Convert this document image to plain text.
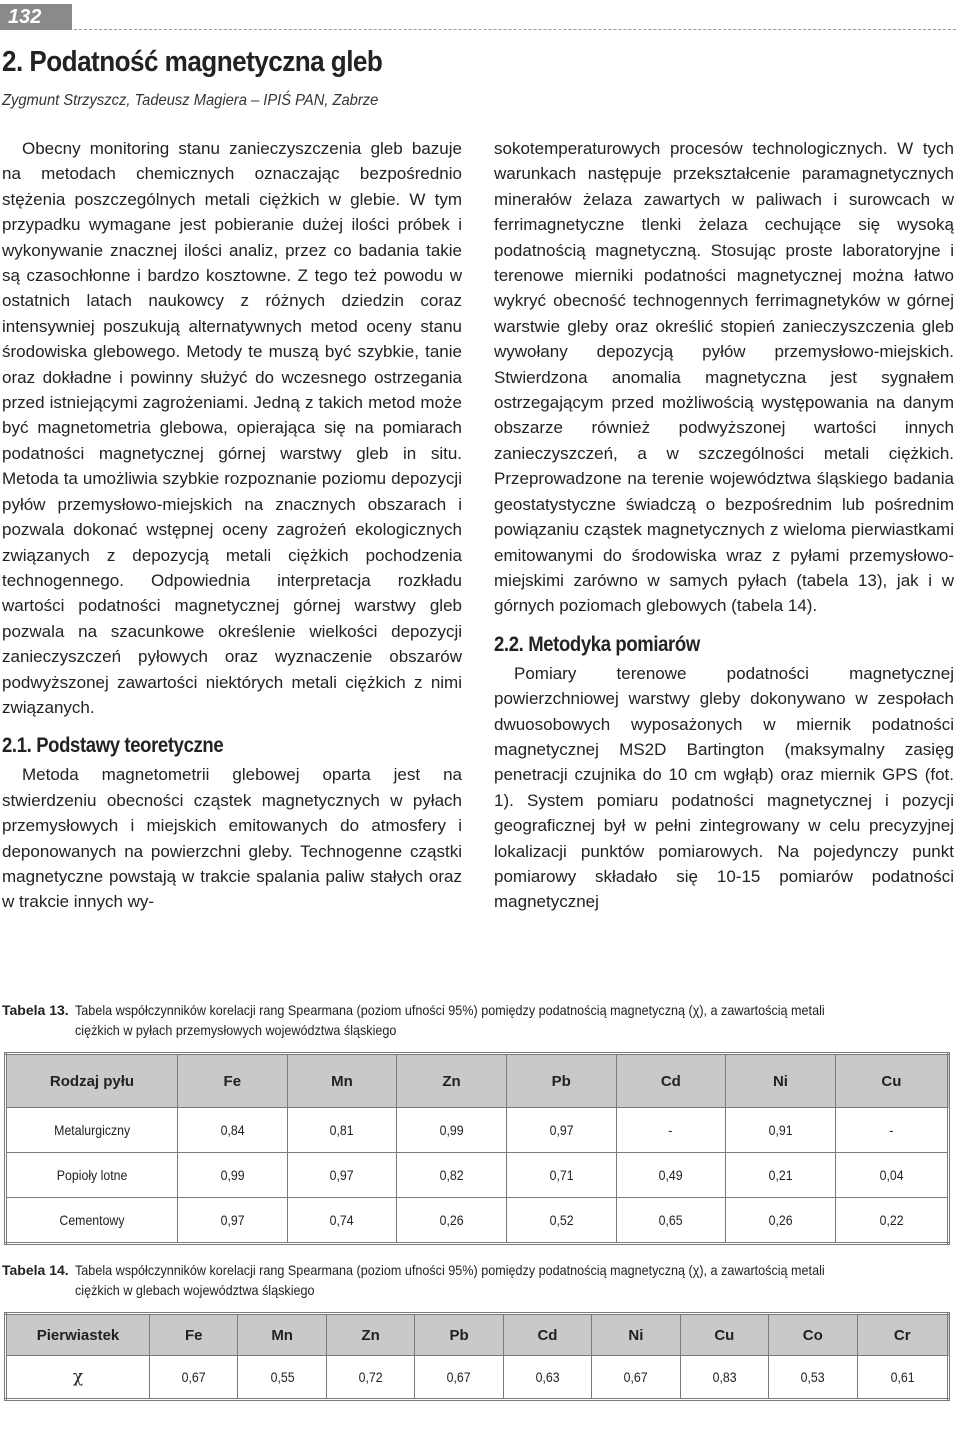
132
2. Podatność magnetyczna gleb
Zygmunt Strzyszcz, Tadeusz Magiera – IPIŚ PAN, Zabrze

Obecny monitoring stanu zanieczyszczenia gleb bazuje na metodach chemicznych oznaczając bezpośrednio stężenia poszczególnych metali ciężkich w glebie. W tym przypadku wymagane jest pobieranie dużej ilości próbek i wykonywanie znacznej ilości analiz, przez co badania takie są czasochłonne i bardzo kosztowne. Z tego też powodu w ostatnich latach naukowcy z różnych dziedzin coraz intensywniej poszukują alternatywnych metod oceny stanu środowiska glebowego. Metody te muszą być szybkie, tanie oraz dokładne i powinny służyć do wczesnego ostrzegania przed istniejącymi zagrożeniami. Jedną z takich metod może być magnetometria glebowa, opierająca się na pomiarach podatności magnetycznej górnej warstwy gleb in situ. Metoda ta umożliwia szybkie rozpoznanie poziomu depozycji pyłów przemysłowo-miejskich na znacznych obszarach i pozwala dokonać wstępnej oceny zagrożeń ekologicznych związanych z depozycją metali ciężkich pochodzenia technogennego. Odpowiednia interpretacja rozkładu wartości podatności magnetycznej górnej warstwy gleb pozwala na szacunkowe określenie wielkości depozycji zanieczyszczeń pyłowych oraz wyznaczenie obszarów podwyższonej zawartości niektórych metali ciężkich z nimi związanych.

2.1. Podstawy teoretyczne

Metoda magnetometrii glebowej oparta jest na stwierdzeniu obecności cząstek magnetycznych w pyłach przemysłowych i miejskich emitowanych do atmosfery i deponowanych na powierzchni gleby. Technogenne cząstki magnetyczne powstają w trakcie spalania paliw stałych oraz w trakcie innych wy-

sokotemperaturowych procesów technologicznych. W tych warunkach następuje przekształcenie paramagnetycznych minerałów żelaza zawartych w paliwach i surowcach w ferrimagnetyczne tlenki żelaza cechujące się wysoką podatnością magnetyczną. Stosując proste laboratoryjne i terenowe mierniki podatności magnetycznej można łatwo wykryć obecność technogennych ferrimagnetyków w górnej warstwie gleby oraz określić stopień zanieczyszczenia gleb wywołany depozycją pyłów przemysłowo-miejskich. Stwierdzona anomalia magnetyczna jest sygnałem ostrzegającym przed możliwością występowania na danym obszarze również podwyższonej wartości innych zanieczyszczeń, a w szczególności metali ciężkich. Przeprowadzone na terenie województwa śląskiego badania geostatystyczne świadczą o bezpośrednim lub pośrednim powiązaniu cząstek magnetycznych z wieloma pierwiastkami emitowanymi do środowiska wraz z pyłami przemysłowo-miejskimi zarówno w samych pyłach (tabela 13), jak i w górnych poziomach glebowych (tabela 14).

2.2. Metodyka pomiarów

Pomiary terenowe podatności magnetycznej powierzchniowej warstwy gleby dokonywano w zespołach dwuosobowych wyposażonych w miernik podatności magnetycznej MS2D Bartington (maksymalny zasięg penetracji czujnika do 10 cm wgłąb) oraz miernik GPS (fot. 1). System pomiaru podatności magnetycznej i pozycji geograficznej był w pełni zintegrowany w celu precyzyjnej lokalizacji punktów pomiarowych. Na pojedynczy punkt pomiarowy składało się 10-15 pomiarów podatności magnetycznej

Tabela 13. Tabela współczynników korelacji rang Spearmana (poziom ufności 95%) pomiędzy podatnością magnetyczną (χ), a zawartością metali ciężkich w pyłach przemysłowych województwa śląskiego
Rodzaj pyłu	Fe	Mn	Zn	Pb	Cd	Ni	Cu
Metalurgiczny	0,84	0,81	0,99	0,97	-	0,91	-
Popioły lotne	0,99	0,97	0,82	0,71	0,49	0,21	0,04
Cementowy	0,97	0,74	0,26	0,52	0,65	0,26	0,22
Tabela 14. Tabela współczynników korelacji rang Spearmana (poziom ufności 95%) pomiędzy podatnością magnetyczną (χ), a zawartością metali ciężkich w glebach województwa śląskiego
Pierwiastek	Fe	Mn	Zn	Pb	Cd	Ni	Cu	Co	Cr
χ	0,67	0,55	0,72	0,67	0,63	0,67	0,83	0,53	0,61
